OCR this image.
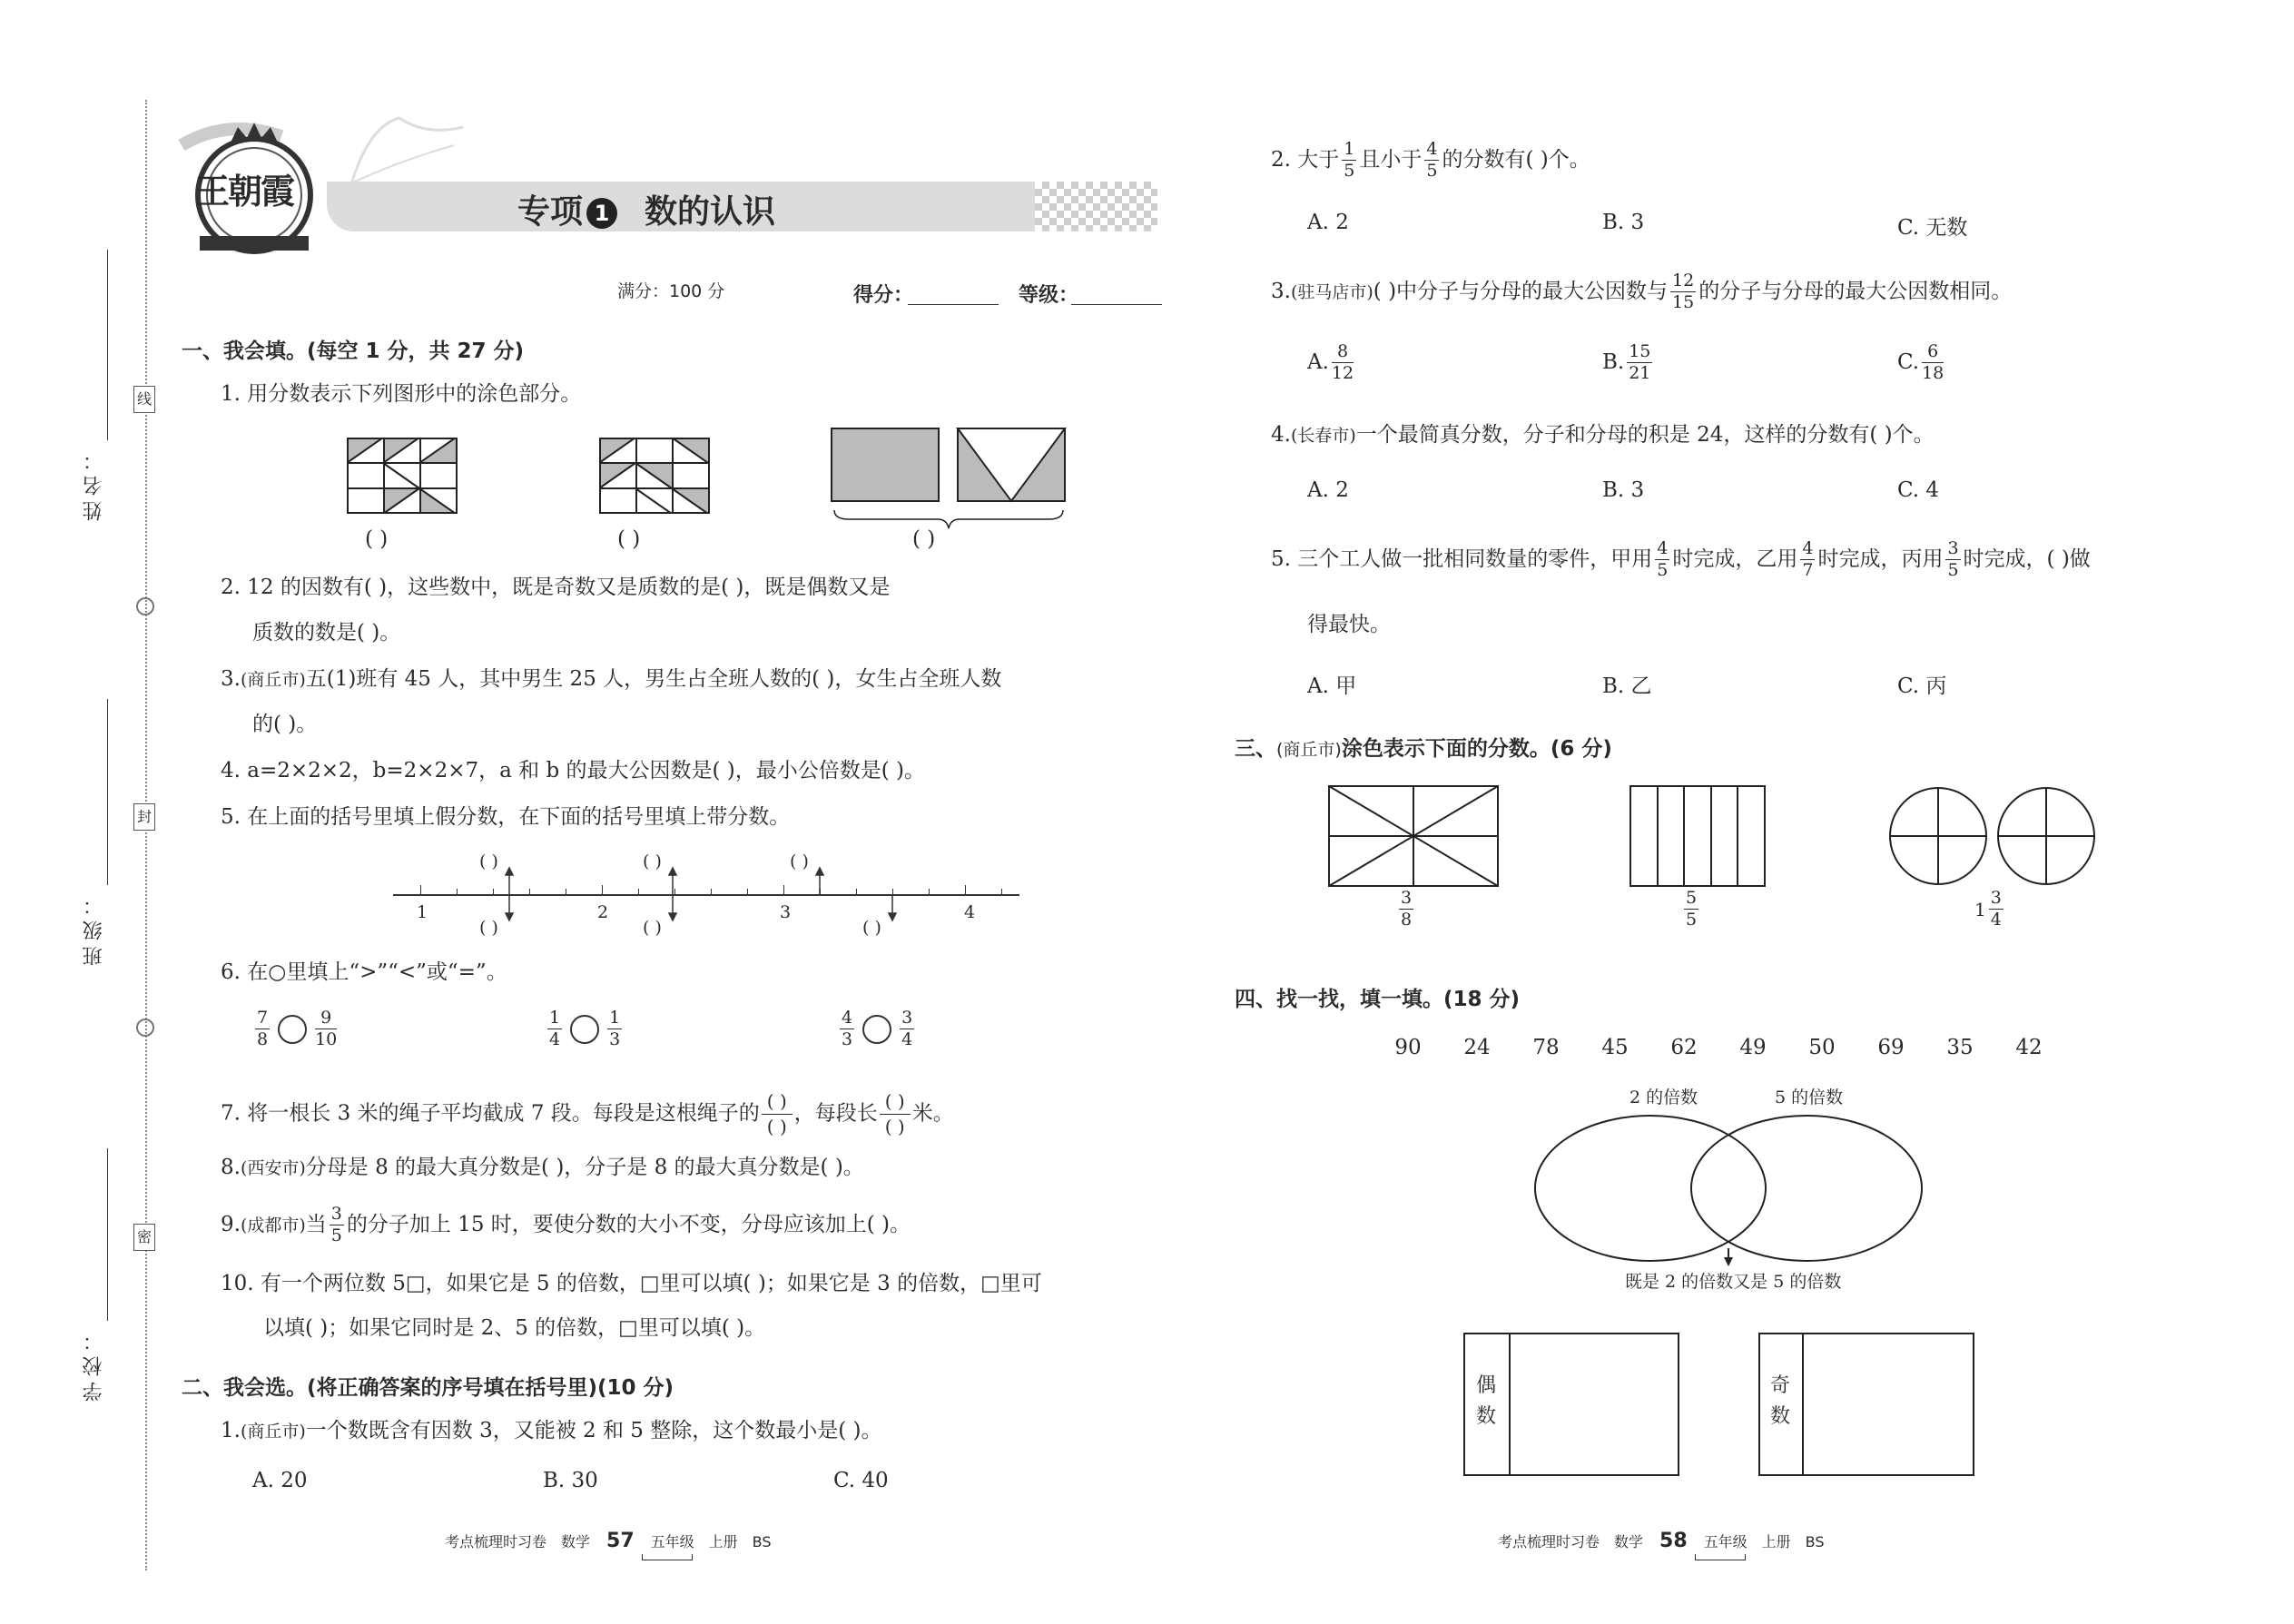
姓名：
班级：
学校：
线
封
密
王朝霞
专项 1 数的认识
满分：100 分	得分：	等级：
一、我会填。(每空 1 分，共 27 分)
1. 用分数表示下列图形中的涂色部分。
( )	( )	( )
2. 12 的因数有( )，这些数中，既是奇数又是质数的是( )，既是偶数又是
质数的数是( )。
3.(商丘市)五(1)班有 45 人，其中男生 25 人，男生占全班人数的( )，女生占全班人数
的( )。
4. a=2×2×2，b=2×2×7，a 和 b 的最大公因数是( )，最小公倍数是( )。
5. 在上面的括号里填上假分数，在下面的括号里填上带分数。
1	2	3	4
( )	( )	( )
( )	( )	( )
6. 在○里填上“>”“<”或“=”。
$\frac{7}{8}$	$\frac{9}{10}$	$\frac{1}{4}$	$\frac{1}{3}$	$\frac{4}{3}$	$\frac{3}{4}$
7. 将一根长 3 米的绳子平均截成 7 段。每段是这根绳子的 $\frac{( )}{( )}$ ，每段长 $\frac{( )}{( )}$ 米。
8.(西安市)分母是 8 的最大真分数是( )，分子是 8 的最大真分数是( )。
9.(成都市)当 $\frac{3}{5}$ 的分子加上 15 时，要使分数的大小不变，分母应该加上( )。
10. 有一个两位数 5□，如果它是 5 的倍数，□里可以填( )；如果它是 3 的倍数，□里可
以填( )；如果它同时是 2、5 的倍数，□里可以填( )。
二、我会选。(将正确答案的序号填在括号里)(10 分)
1.(商丘市)一个数既含有因数 3，又能被 2 和 5 整除，这个数最小是( )。
A. 20	B. 30	C. 40
2. 大于 $\frac{1}{5}$ 且小于 $\frac{4}{5}$ 的分数有( )个。
A. 2	B. 3	C. 无数
3.(驻马店市)( )中分子与分母的最大公因数与 $\frac{12}{15}$ 的分子与分母的最大公因数相同。
A. $\frac{8}{12}$	B. $\frac{15}{21}$	C. $\frac{6}{18}$
4.(长春市)一个最简真分数，分子和分母的积是 24，这样的分数有( )个。
A. 2	B. 3	C. 4
5. 三个工人做一批相同数量的零件，甲用 $\frac{4}{5}$ 时完成，乙用 $\frac{4}{7}$ 时完成，丙用 $\frac{3}{5}$ 时完成，( )做
得最快。
A. 甲	B. 乙	C. 丙
三、(商丘市)涂色表示下面的分数。(6 分)
$\frac{3}{8}$	$\frac{5}{5}$	$1 \frac{3}{4}$
四、找一找，填一填。(18 分)
90 24 78 45 62 49 50 69 35 42
2 的倍数	5 的倍数
既是 2 的倍数又是 5 的倍数
偶数
奇数
考点梳理时习卷　数学 57 五年级　上册　BS	考点梳理时习卷　数学 58 五年级　上册　BS
